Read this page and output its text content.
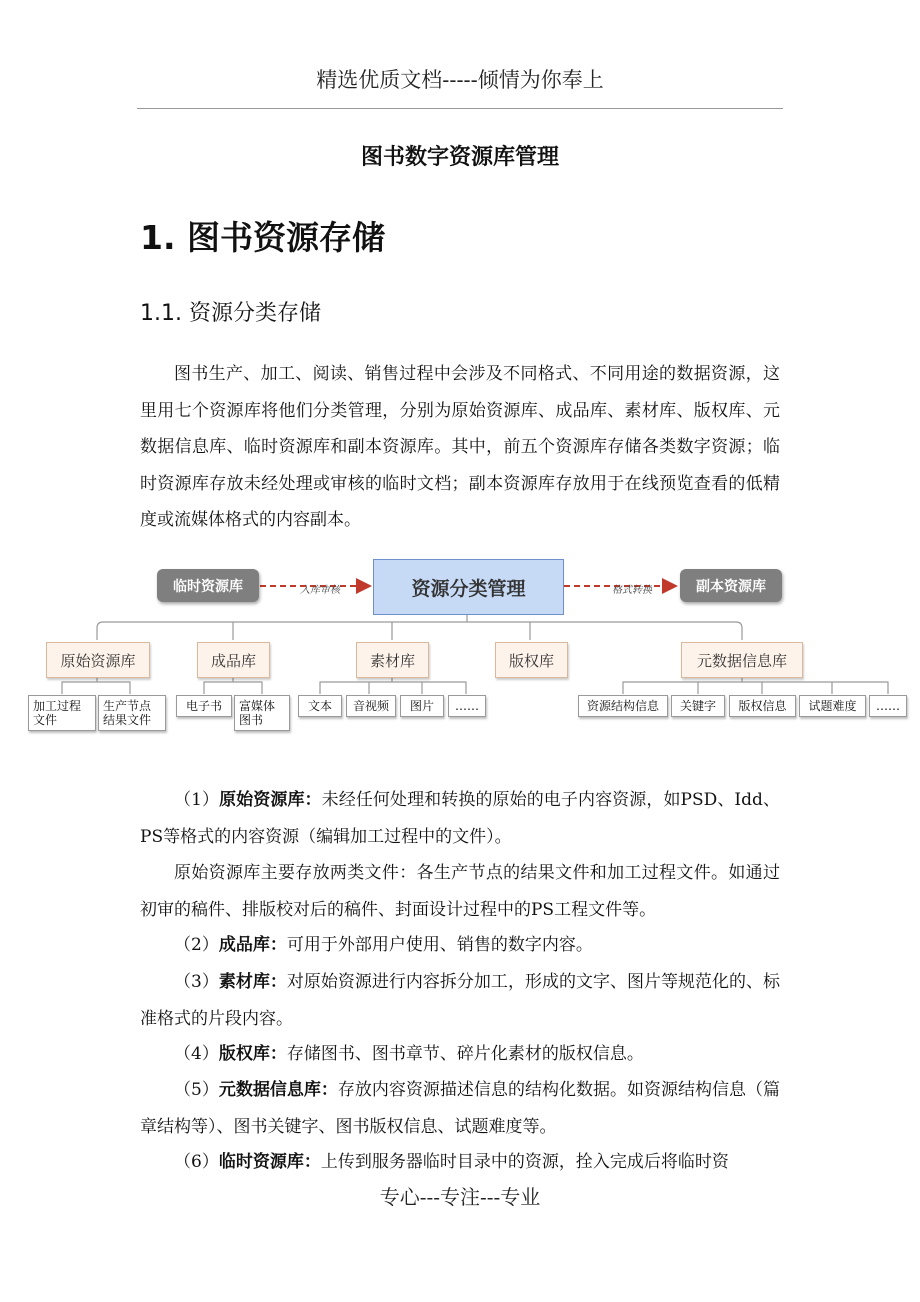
精选优质文档-----倾情为你奉上
图书数字资源库管理
1. 图书资源存储
1.1. 资源分类存储
图书生产、加工、阅读、销售过程中会涉及不同格式、不同用途的数据资源，这里用七个资源库将他们分类管理，分别为原始资源库、成品库、素材库、版权库、元数据信息库、临时资源库和副本资源库。其中，前五个资源库存储各类数字资源；临时资源库存放未经处理或审核的临时文档；副本资源库存放用于在线预览查看的低精度或流媒体格式的内容副本。
临时资源库	入库审核	资源分类管理	格式转换	副本资源库
原始资源库	成品库	素材库	版权库	元数据信息库
加工过程
文件
生产节点
结果文件
电子书	富媒体
图书
文本	音视频	图片	……	资源结构信息	关键字	版权信息	试题难度	……
（1）原始资源库：未经任何处理和转换的原始的电子内容资源，如PSD、Idd、PS等格式的内容资源（编辑加工过程中的文件）。
原始资源库主要存放两类文件：各生产节点的结果文件和加工过程文件。如通过初审的稿件、排版校对后的稿件、封面设计过程中的PS工程文件等。
（2）成品库：可用于外部用户使用、销售的数字内容。
（3）素材库：对原始资源进行内容拆分加工，形成的文字、图片等规范化的、标准格式的片段内容。
（4）版权库：存储图书、图书章节、碎片化素材的版权信息。
（5）元数据信息库：存放内容资源描述信息的结构化数据。如资源结构信息（篇章结构等）、图书关键字、图书版权信息、试题难度等。
（6）临时资源库：上传到服务器临时目录中的资源，拴入完成后将临时资
专心---专注---专业
